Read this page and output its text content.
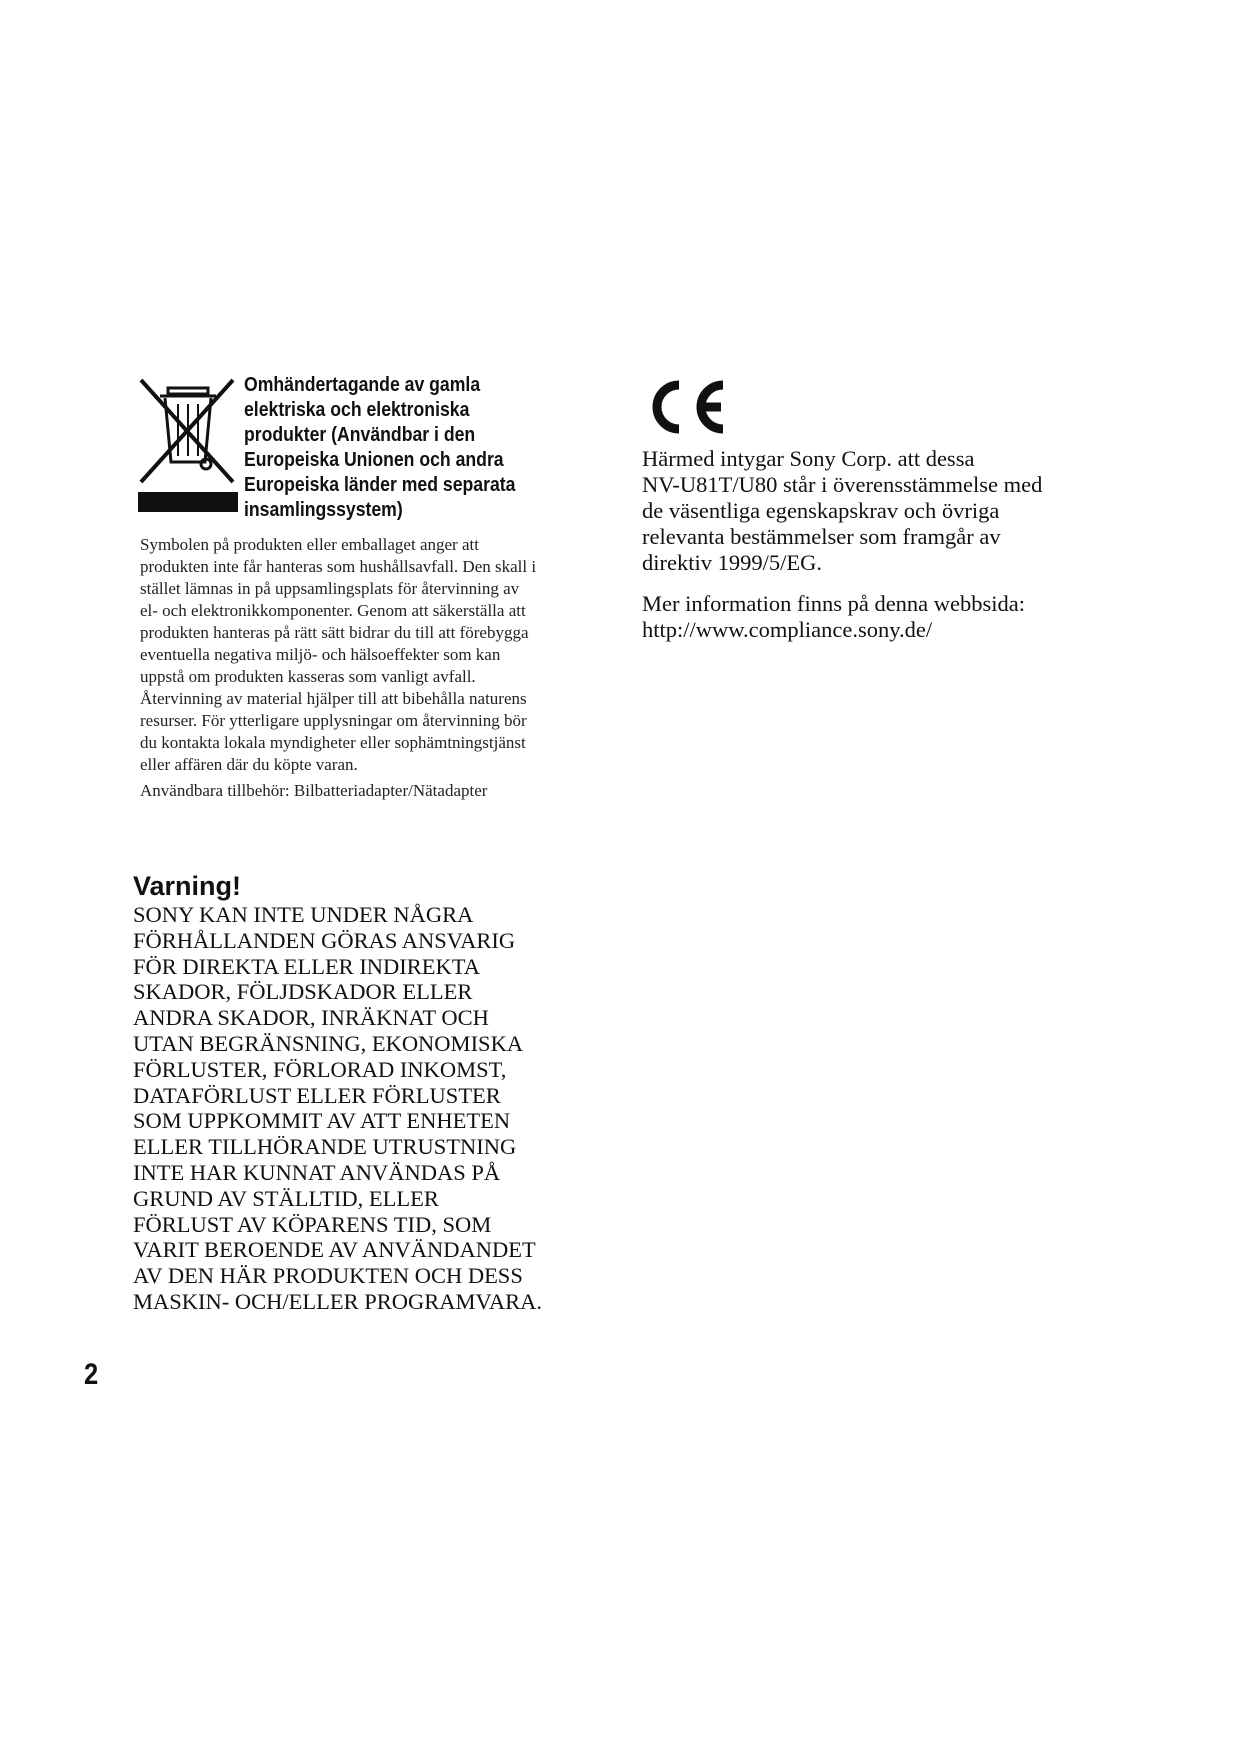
Omhändertagande av gamla
elektriska och elektroniska
produkter (Användbar i den
Europeiska Unionen och andra
Europeiska länder med separata
insamlingssystem)
Symbolen på produkten eller emballaget anger att
produkten inte får hanteras som hushållsavfall. Den skall i
stället lämnas in på uppsamlingsplats för återvinning av
el- och elektronikkomponenter. Genom att säkerställa att
produkten hanteras på rätt sätt bidrar du till att förebygga
eventuella negativa miljö- och hälsoeffekter som kan
uppstå om produkten kasseras som vanligt avfall.
Återvinning av material hjälper till att bibehålla naturens
resurser. För ytterligare upplysningar om återvinning bör
du kontakta lokala myndigheter eller sophämtningstjänst
eller affären där du köpte varan.
Användbara tillbehör: Bilbatteriadapter/Nätadapter
Härmed intygar Sony Corp. att dessa
NV-U81T/U80 står i överensstämmelse med
de väsentliga egenskapskrav och övriga
relevanta bestämmelser som framgår av
direktiv 1999/5/EG.
Mer information finns på denna webbsida:
http://www.compliance.sony.de/
Varning!
SONY KAN INTE UNDER NÅGRA
FÖRHÅLLANDEN GÖRAS ANSVARIG
FÖR DIREKTA ELLER INDIREKTA
SKADOR, FÖLJDSKADOR ELLER
ANDRA SKADOR, INRÄKNAT OCH
UTAN BEGRÄNSNING, EKONOMISKA
FÖRLUSTER, FÖRLORAD INKOMST,
DATAFÖRLUST ELLER FÖRLUSTER
SOM UPPKOMMIT AV ATT ENHETEN
ELLER TILLHÖRANDE UTRUSTNING
INTE HAR KUNNAT ANVÄNDAS PÅ
GRUND AV STÄLLTID, ELLER
FÖRLUST AV KÖPARENS TID, SOM
VARIT BEROENDE AV ANVÄNDANDET
AV DEN HÄR PRODUKTEN OCH DESS
MASKIN- OCH/ELLER PROGRAMVARA.
2
